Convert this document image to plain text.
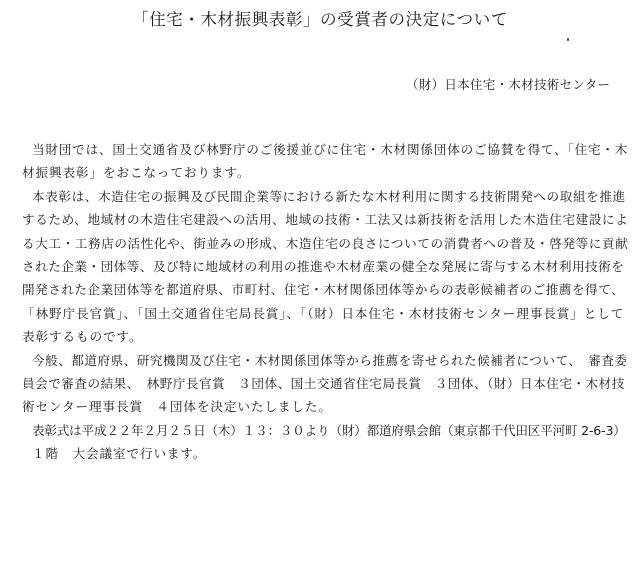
「住宅・木材振興表彰」の受賞者の決定について
（財）日本住宅・木材技術センター
当財団では、国土交通省及び林野庁のご後援並びに住宅・木材関係団体のご協賛を得て、「住宅・木
材振興表彰」をおこなっております。
本表彰は、木造住宅の振興及び民間企業等における新たな木材利用に関する技術開発への取組を推進
するため、地域材の木造住宅建設への活用、地域の技術・工法又は新技術を活用した木造住宅建設によ
る大工・工務店の活性化や、街並みの形成、木造住宅の良さについての消費者への普及・啓発等に貢献
された企業・団体等、及び特に地域材の利用の推進や木材産業の健全な発展に寄与する木材利用技術を
開発された企業団体等を都道府県、市町村、住宅・木材関係団体等からの表彰候補者のご推薦を得て、
「林野庁長官賞」、「国土交通省住宅局長賞」、「（財）日本住宅・木材技術センター理事長賞」として
表彰するものです。
今般、都道府県、研究機関及び住宅・木材関係団体等から推薦を寄せられた候補者について、　審査委
員会で審査の結果、　林野庁長官賞　３団体、国土交通省住宅局長賞　３団体、（財）日本住宅・木材技
術センター理事長賞　４団体を決定いたしました。
表彰式は平成２２年２月２５日（木）１３：３０より（財）都道府県会館（東京都千代田区平河町 2-6-3）
１階　大会議室で行います。
